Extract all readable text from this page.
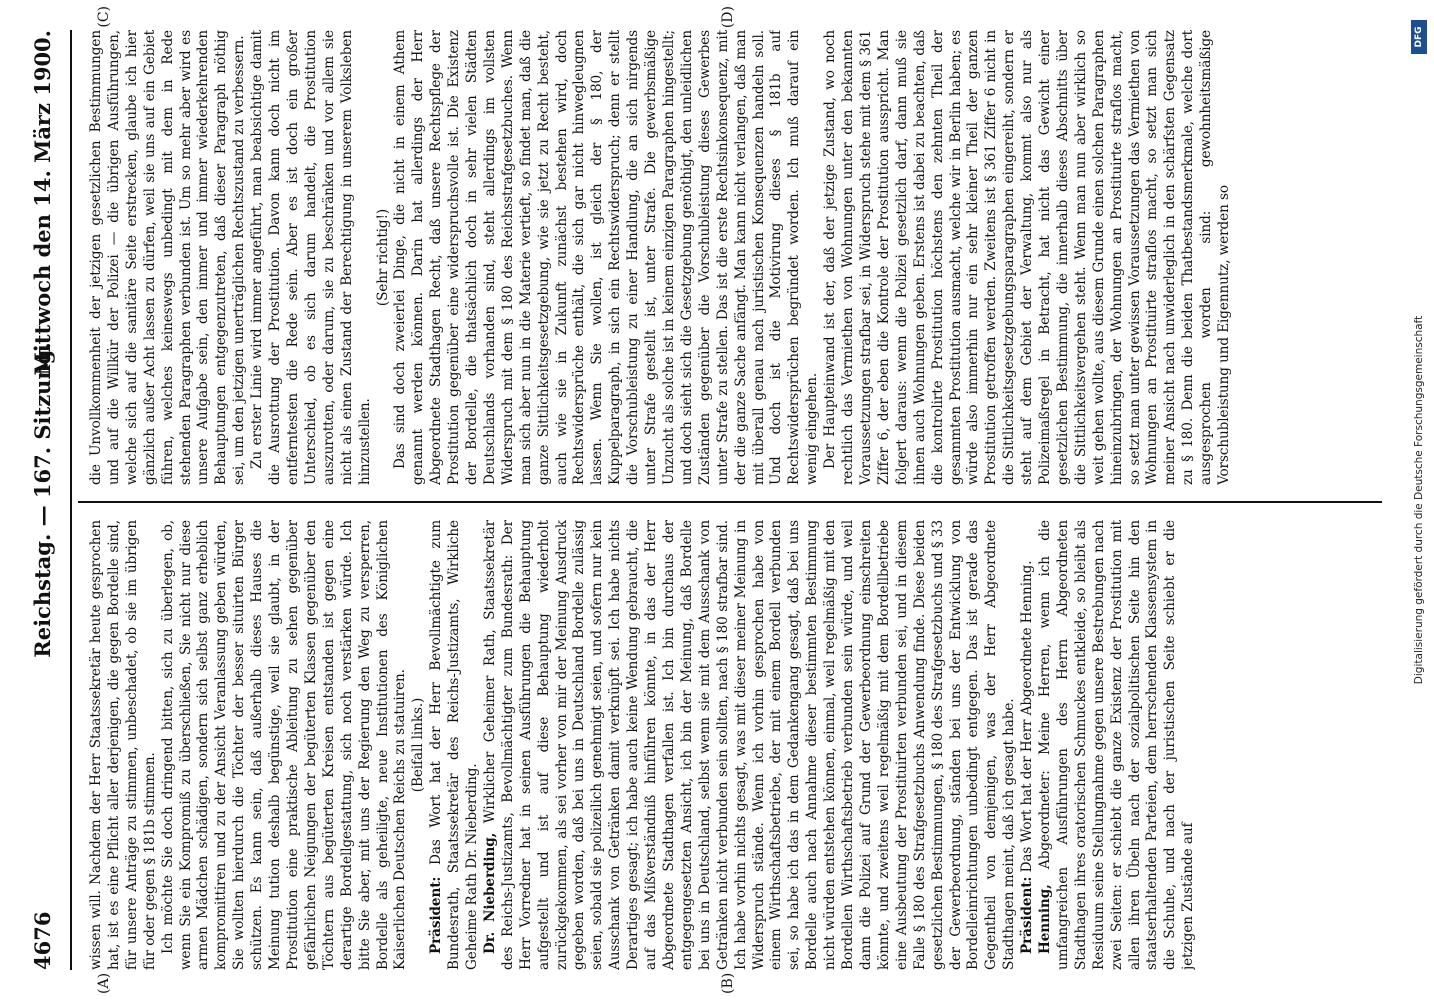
4676
Reichstag. — 167. Sitzung.
Mittwoch den 14. März 1900.
(A)	(B)
(C)	(D)

wissen will. Nachdem der Herr Staatssekretär heute gesprochen hat, ist es eine Pflicht aller derjenigen, die gegen Bordelle sind, für unsere Anträge zu stimmen, unbeschadet, ob sie im übrigen für oder gegen § 181b stimmen. Ich möchte Sie doch dringend bitten, sich zu überlegen, ob, wenn Sie ein Kompromiß zu überschließen, Sie nicht nur diese armen Mädchen schädigen, sondern sich selbst ganz erheblich kompromittiren und zu der Ansicht Veranlassung geben würden, Sie wollten hierdurch die Töchter der besser situirten Bürger schützen. Es kann sein, daß außerhalb dieses Hauses die Meinung tution deshalb begünstige, weil sie glaubt, in der Prostitution eine praktische Ableitung zu sehen gegenüber gefährlichen Neigungen der begüterten Klassen gegenüber den Töchtern aus begüterten Kreisen entstanden ist gegen eine derartige Bordellgestattung, sich noch verstärken würde. Ich bitte Sie aber, mit uns der Regierung den Weg zu versperren, Bordelle als geheiligte, neue Institutionen des Königlichen Kaiserlichen Deutschen Reichs zu statuiren. (Beifall links.)

Präsident: Das Wort hat der Herr Bevollmächtigte zum Bundesrath, Staatssekretär des Reichs-Justizamts, Wirkliche Geheime Rath Dr. Nieberding. Dr. Nieberding, Wirklicher Geheimer Rath, Staatssekretär des Reichs-Justizamts, Bevollmächtigter zum Bundesrath: Der Herr Vorredner hat in seinen Ausführungen die Behauptung aufgestellt und ist auf diese Behauptung wiederholt zurückgekommen, als sei vorher von mir der Meinung Ausdruck gegeben worden, daß bei uns in Deutschland Bordelle zulässig seien, sobald sie polizeilich genehmigt seien, und sofern nur kein Ausschank von Getränken damit verknüpft sei. Ich habe nichts Derartiges gesagt; ich habe auch keine Wendung gebraucht, die auf das Mißverständniß hinführen könnte, in das der Herr Abgeordnete Stadthagen verfallen ist. Ich bin durchaus der entgegengesetzten Ansicht, ich bin der Meinung, daß Bordelle bei uns in Deutschland, selbst wenn sie mit dem Ausschank von Getränken nicht verbunden sein sollten, nach § 180 strafbar sind. Ich habe vorhin nichts gesagt, was mit dieser meiner Meinung in Widerspruch stände. Wenn ich vorhin gesprochen habe von einem Wirthschaftsbetriebe, der mit einem Bordell verbunden sei, so habe ich das in dem Gedankengang gesagt, daß bei uns Bordelle auch nach Annahme dieser bestimmten Bestimmung nicht würden entstehen können, einmal, weil regelmäßig mit den Bordellen Wirthschaftsbetrieb verbunden sein würde, und weil dann die Polizei auf Grund der Gewerbeordnung einschreiten könnte, und zweitens weil regelmäßig mit dem Bordellbetriebe eine Ausbeutung der Prostituirten verbunden sei, und in diesem Falle § 180 des Strafgesetzbuchs Anwendung finde. Diese beiden gesetzlichen Bestimmungen, § 180 des Strafgesetzbuchs und § 33 der Gewerbeordnung, ständen bei uns der Entwicklung von Bordelleinrichtungen unbedingt entgegen. Das ist gerade das Gegentheil von demjenigen, was der Herr Abgeordnete Stadthagen meint, daß ich gesagt habe. Präsident: Das Wort hat der Herr Abgeordnete Henning.

Henning, Abgeordneter: Meine Herren, wenn ich die umfangreichen Ausführungen des Herrn Abgeordneten Stadthagen ihres oratorischen Schmuckes entkleide, so bleibt als Residuum seine Stellungnahme gegen unsere Bestrebungen nach zwei Seiten: er schiebt die ganze Existenz der Prostitution mit allen ihren Übeln nach der sozialpolitischen Seite hin den staatserhaltenden Parteien, dem herrschenden Klassensystem in die Schuhe, und nach der juristischen Seite schiebt er die jetzigen Zustände auf

die Unvollkommenheit der jetzigen gesetzlichen Bestimmungen und auf die Willkür der Polizei — die übrigen Ausführungen, welche sich auf die sanitäre Seite erstrecken, glaube ich hier gänzlich außer Acht lassen zu dürfen, weil sie uns auf ein Gebiet führen, welches keineswegs unbedingt mit dem in Rede stehenden Paragraphen verbunden ist. Um so mehr aber wird es unsere Aufgabe sein, den immer und immer wiederkehrenden Behauptungen entgegenzutreten, daß dieser Paragraph nöthig sei, um den jetzigen unerträglichen Rechtszustand zu verbessern. Zu erster Linie wird immer angeführt, man beabsichtige damit die Ausrottung der Prostitution. Davon kann doch nicht im entferntesten die Rede sein. Aber es ist doch ein großer Unterschied, ob es sich darum handelt, die Prostitution auszurotten, oder darum, sie zu beschränken und vor allem sie nicht als einen Zustand der Berechtigung in unserem Volksleben hinzustellen.

(Sehr richtig!) Das sind doch zweierlei Dinge, die nicht in einem Athem genannt werden können. Darin hat allerdings der Herr Abgeordnete Stadthagen Recht, daß unsere Rechtspflege der Prostitution gegenüber eine widerspruchsvolle ist. Die Existenz der Bordelle, die thatsächlich doch in sehr vielen Städten Deutschlands vorhanden sind, steht allerdings im vollsten Widerspruch mit dem § 180 des Reichsstrafgesetzbuches. Wenn man sich aber nun in die Materie vertieft, so findet man, daß die ganze Sittlichkeitsgesetzgebung, wie sie jetzt zu Recht besteht, auch wie sie in Zukunft zunächst bestehen wird, doch Rechtswidersprüche enthält, die sich gar nicht hinwegleugnen lassen. Wenn Sie wollen, ist gleich der § 180, der Kuppelparagraph, in sich ein Rechtswiderspruch; denn er stellt die Vorschubleistung zu einer Handlung, die an sich nirgends unter Strafe gestellt ist, unter Strafe. Die gewerbsmäßige Unzucht als solche ist in keinem einzigen Paragraphen hingestellt; und doch sieht sich die Gesetzgebung genöthigt, den unleidlichen Zuständen gegenüber die Vorschubleistung dieses Gewerbes unter Strafe zu stellen. Das ist die erste Rechtsinkonsequenz, mit der die ganze Sache anfängt. Man kann nicht verlangen, daß man mit überall genau nach juristischen Konsequenzen handeln soll. Und doch ist die Motivirung dieses § 181b auf Rechtswidersprüchen begründet worden. Ich muß darauf ein wenig eingehen. Der Haupteinwand ist der, daß der jetzige Zustand, wo noch rechtlich das Vermiethen von Wohnungen unter den bekannten Voraussetzungen strafbar sei, in Widerspruch stehe mit dem § 361 Ziffer 6, der eben die Kontrole der Prostitution ausspricht. Man folgert daraus: wenn die Polizei gesetzlich darf, dann muß sie ihnen auch Wohnungen geben. Erstens ist dabei zu beachten, daß die kontrolirte Prostitution höchstens den zehnten Theil der gesammten Prostitution ausmacht, welche wir in Berlin haben; es würde also immerhin nur ein sehr kleiner Theil der ganzen Prostitution getroffen werden. Zweitens ist § 361 Ziffer 6 nicht in die Sittlichkeitsgesetzgebungsparagraphen eingereiht, sondern er steht auf dem Gebiet der Verwaltung, kommt also nur als Polizeimaßregel in Betracht, hat nicht das Gewicht einer gesetzlichen Bestimmung, die innerhalb dieses Abschnitts über die Sittlichkeitsvergehen steht. Wenn man nun aber wirklich so weit gehen wollte, aus diesem Grunde einen solchen Paragraphen hineinzubringen, der Wohnungen an Prostituirte straflos macht, so setzt man unter gewissen Voraussetzungen das Vermiethen von Wohnungen an Prostituirte straflos macht, so setzt man sich meiner Ansicht nach unwiderleglich in den schärfsten Gegensatz zu § 180. Denn die beiden Thatbestandsmerkmale, welche dort ausgesprochen worden sind: gewohnheitsmäßige Vorschubleistung und Eigennutz, werden so

DFG
Digitalisierung gefördert durch die Deutsche Forschungsgemeinschaft
